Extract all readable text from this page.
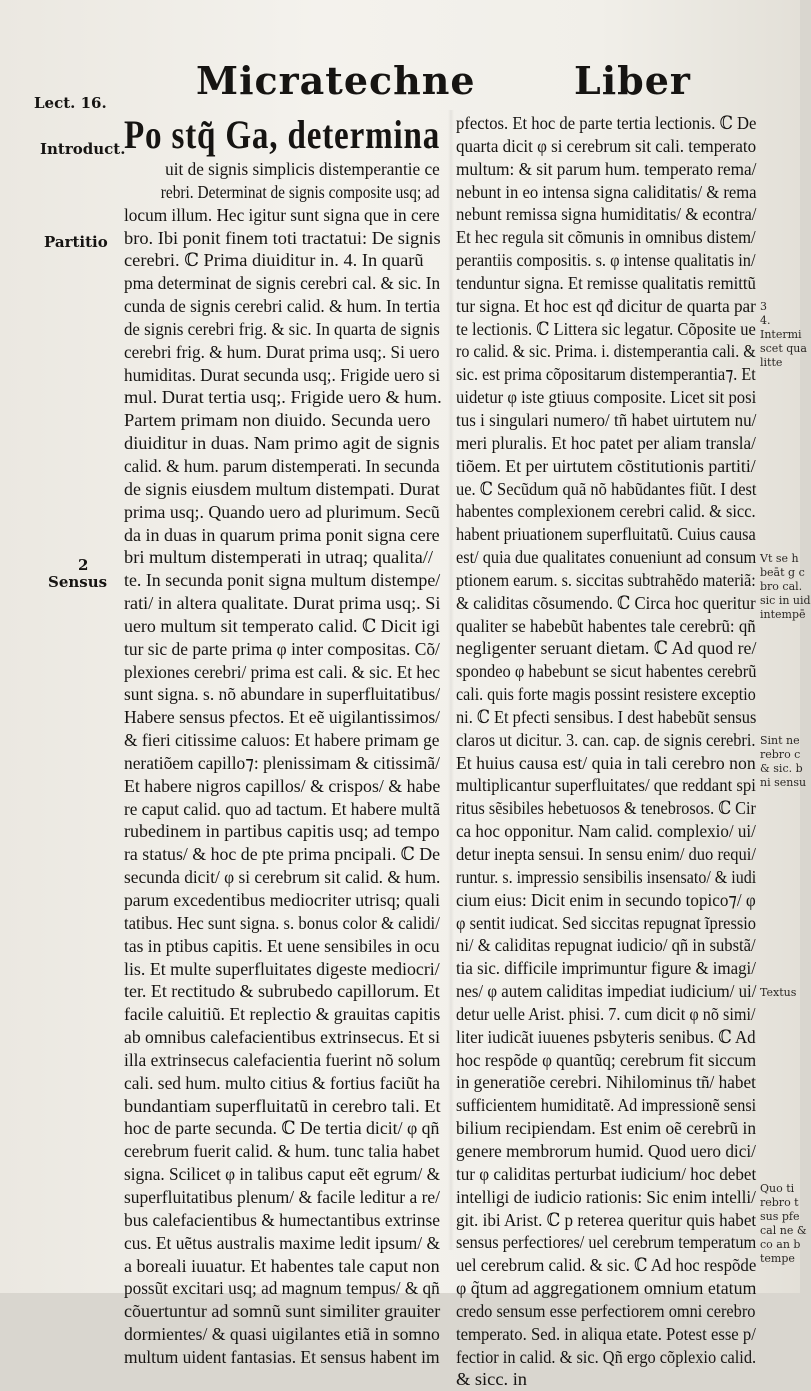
Micratechne	Liber
Lect. 16.
Introduct.
Partitio
2
Sensus
Po stq̃ Ga, determina
uit de signis simplicis distemperantie ce
rebri. Determinat de signis composite usq; ad
locum illum. Hec igitur sunt signa que in cere
bro. Ibi ponit finem toti tractatui: De signis
cerebri. ℂ Prima diuiditur in. 4. In quarũ
pma determinat de signis cerebri cal. & sic. In
cunda de signis cerebri calid. & hum. In tertia
de signis cerebri frig. & sic. In quarta de signis
cerebri frig. & hum. Durat prima usq;. Si uero
humiditas. Durat secunda usq;. Frigide uero si
mul. Durat tertia usq;. Frigide uero & hum.
Partem primam non diuido. Secunda uero
diuiditur in duas. Nam primo agit de signis
calid. & hum. parum distemperati. In secunda
de signis eiusdem multum distempati. Durat
prima usq;. Quando uero ad plurimum. Secũ
da in duas in quarum prima ponit signa cere
bri multum distemperati in utraq; qualita//
te. In secunda ponit signa multum distempe/
rati/ in altera qualitate. Durat prima usq;. Si
uero multum sit temperato calid. ℂ Dicit igi
tur sic de parte prima φ inter compositas. Cõ/
plexiones cerebri/ prima est cali. & sic. Et hec
sunt signa. s. nõ abundare in superfluitatibus/
Habere sensus pfectos. Et eẽ uigilantissimos/
& fieri citissime caluos: Et habere primam ge
neratiõem capillo⁊: plenissimam & citissimã/
Et habere nigros capillos/ & crispos/ & habe
re caput calid. quo ad tactum. Et habere multã
rubedinem in partibus capitis usq; ad tempo
ra status/ & hoc de pte prima pncipali. ℂ De
secunda dicit/ φ si cerebrum sit calid. & hum.
parum excedentibus mediocriter utrisq; quali
tatibus. Hec sunt signa. s. bonus color & calidi/
tas in ptibus capitis. Et uene sensibiles in ocu
lis. Et multe superfluitates digeste mediocri/
ter. Et rectitudo & subrubedo capillorum. Et
facile caluitiũ. Et replectio & grauitas capitis
ab omnibus calefacientibus extrinsecus. Et si
illa extrinsecus calefacientia fuerint nõ solum
cali. sed hum. multo citius & fortius faciũt ha
bundantiam superfluitatũ in cerebro tali. Et
hoc de parte secunda. ℂ De tertia dicit/ φ qñ
cerebrum fuerit calid. & hum. tunc talia habet
signa. Scilicet φ in talibus caput eẽt egrum/ &
superfluitatibus plenum/ & facile leditur a re/
bus calefacientibus & humectantibus extrinse
cus. Et uẽtus australis maxime ledit ipsum/ &
a boreali iuuatur. Et habentes tale caput non
possũt excitari usq; ad magnum tempus/ & qñ
cõuertuntur ad somnũ sunt similiter grauiter
dormientes/ & quasi uigilantes etiã in somno
multum uident fantasias. Et sensus habent im
pfectos. Et hoc de parte tertia lectionis. ℂ De
quarta dicit φ si cerebrum sit cali. temperato
multum: & sit parum hum. temperato rema/
nebunt in eo intensa signa caliditatis/ & rema
nebunt remissa signa humiditatis/ & econtra/
Et hec regula sit cõmunis in omnibus distem/
perantiis compositis. s. φ intense qualitatis in/
tenduntur signa. Et remisse qualitatis remittũ
tur signa. Et hoc est qđ dicitur de quarta par
te lectionis. ℂ Littera sic legatur. Cõposite ue
ro calid. & sic. Prima. i. distemperantia cali. &
sic. est prima cõpositarum distemperantia⁊. Et
uidetur φ iste gtiuus composite. Licet sit posi
tus i singulari numero/ tñ habet uirtutem nu/
meri pluralis. Et hoc patet per aliam transla/
tiõem. Et per uirtutem cõstitutionis partiti/
ue. ℂ Secũdum quã nõ habũdantes fiũt. I dest
habentes complexionem cerebri calid. & sicc.
habent priuationem superfluitatũ. Cuius causa
est/ quia due qualitates conueniunt ad consum
ptionem earum. s. siccitas subtrahẽdo materiã:
& caliditas cõsumendo. ℂ Circa hoc queritur
qualiter se habebũt habentes tale cerebrũ: qñ
negligenter seruant dietam. ℂ Ad quod re/
spondeo φ habebunt se sicut habentes cerebrũ
cali. quis forte magis possint resistere exceptio
ni. ℂ Et pfecti sensibus. I dest habebũt sensus
claros ut dicitur. 3. can. cap. de signis cerebri.
Et huius causa est/ quia in tali cerebro non
multiplicantur superfluitates/ que reddant spi
ritus sẽsibiles hebetuosos & tenebrosos. ℂ Cir
ca hoc opponitur. Nam calid. complexio/ ui/
detur inepta sensui. In sensu enim/ duo requi/
runtur. s. impressio sensibilis insensato/ & iudi
cium eius: Dicit enim in secundo topico⁊/ φ
φ sentit iudicat. Sed siccitas repugnat ĩpressio
ni/ & caliditas repugnat iudicio/ qñ in substã/
tia sic. difficile imprimuntur figure & imagi/
nes/ φ autem caliditas impediat iudicium/ ui/
detur uelle Arist. phisi. 7. cum dicit φ nõ simi/
liter iudicãt iuuenes psbyteris senibus. ℂ Ad
hoc respõde φ quantũq; cerebrum fit siccum
in generatiõe cerebri. Nihilominus tñ/ habet
sufficientem humiditatẽ. Ad impressionẽ sensi
bilium recipiendam. Est enim oẽ cerebrũ in
genere membrorum humid. Quod uero dici/
tur φ caliditas perturbat iudicium/ hoc debet
intelligi de iudicio rationis: Sic enim intelli/
git. ibi Arist. ℂ p reterea queritur quis habet
sensus perfectiores/ uel cerebrum temperatum
uel cerebrum calid. & sic. ℂ Ad hoc respõde
φ q̃tum ad aggregationem omnium etatum
credo sensum esse perfectiorem omni cerebro
temperato. Sed. in aliqua etate. Potest esse p/
fectior in calid. & sic. Qñ ergo cõplexio calid.
& sicc. in
3
4.
Intermi
scet qua
litte

Vt se h
beāt g c
bro cal.
sic in uid
intempē

Sint ne
rebro c
& sic. b
ni sensu

Textus

Quo ti
rebro t
sus pfe
cal ne &
co an b
tempe
